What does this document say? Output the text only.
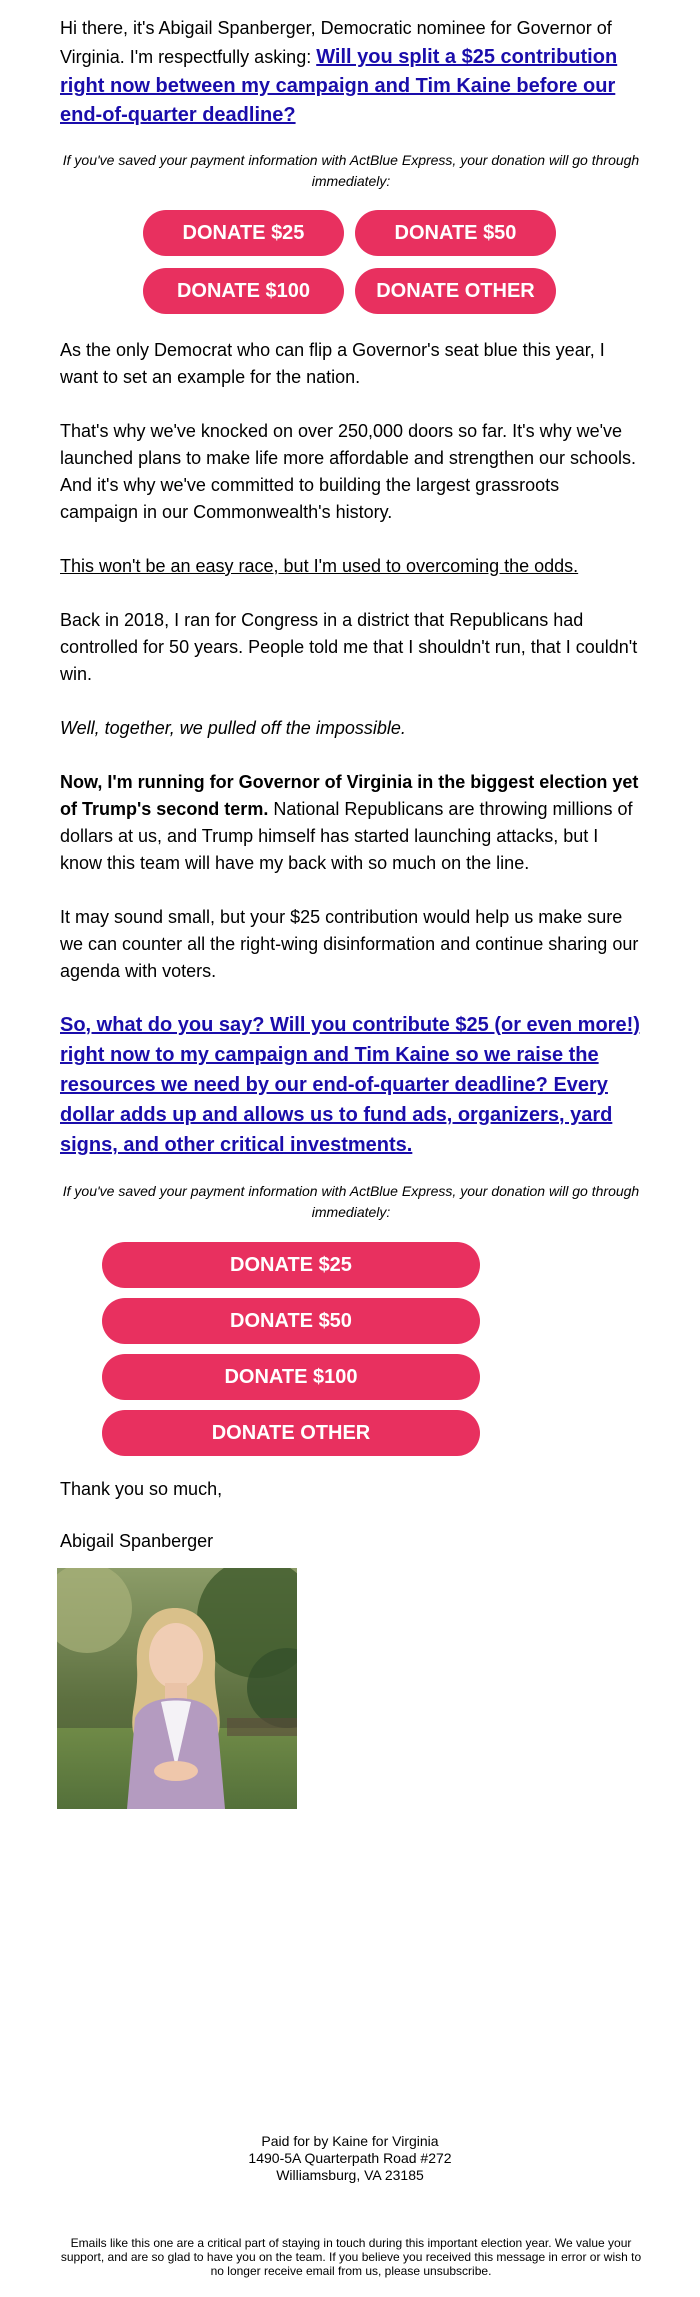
Hi there, it's Abigail Spanberger, Democratic nominee for Governor of Virginia. I'm respectfully asking: Will you split a $25 contribution right now between my campaign and Tim Kaine before our end-of-quarter deadline?

If you've saved your payment information with ActBlue Express, your donation will go through immediately:

DONATE $25	DONATE $50
DONATE $100	DONATE OTHER

As the only Democrat who can flip a Governor's seat blue this year, I want to set an example for the nation.

That's why we've knocked on over 250,000 doors so far. It's why we've launched plans to make life more affordable and strengthen our schools. And it's why we've committed to building the largest grassroots campaign in our Commonwealth's history.

This won't be an easy race, but I'm used to overcoming the odds.

Back in 2018, I ran for Congress in a district that Republicans had controlled for 50 years. People told me that I shouldn't run, that I couldn't win.

Well, together, we pulled off the impossible.

Now, I'm running for Governor of Virginia in the biggest election yet of Trump's second term. National Republicans are throwing millions of dollars at us, and Trump himself has started launching attacks, but I know this team will have my back with so much on the line.

It may sound small, but your $25 contribution would help us make sure we can counter all the right-wing disinformation and continue sharing our agenda with voters.

So, what do you say? Will you contribute $25 (or even more!) right now to my campaign and Tim Kaine so we raise the resources we need by our end-of-quarter deadline? Every dollar adds up and allows us to fund ads, organizers, yard signs, and other critical investments.

If you've saved your payment information with ActBlue Express, your donation will go through immediately:

DONATE $25
DONATE $50
DONATE $100
DONATE OTHER

Thank you so much,

Abigail Spanberger

Paid for by Kaine for Virginia
1490-5A Quarterpath Road #272
Williamsburg, VA 23185
Emails like this one are a critical part of staying in touch during this important election year. We value your support, and are so glad to have you on the team. If you believe you received this message in error or wish to no longer receive email from us, please unsubscribe.
